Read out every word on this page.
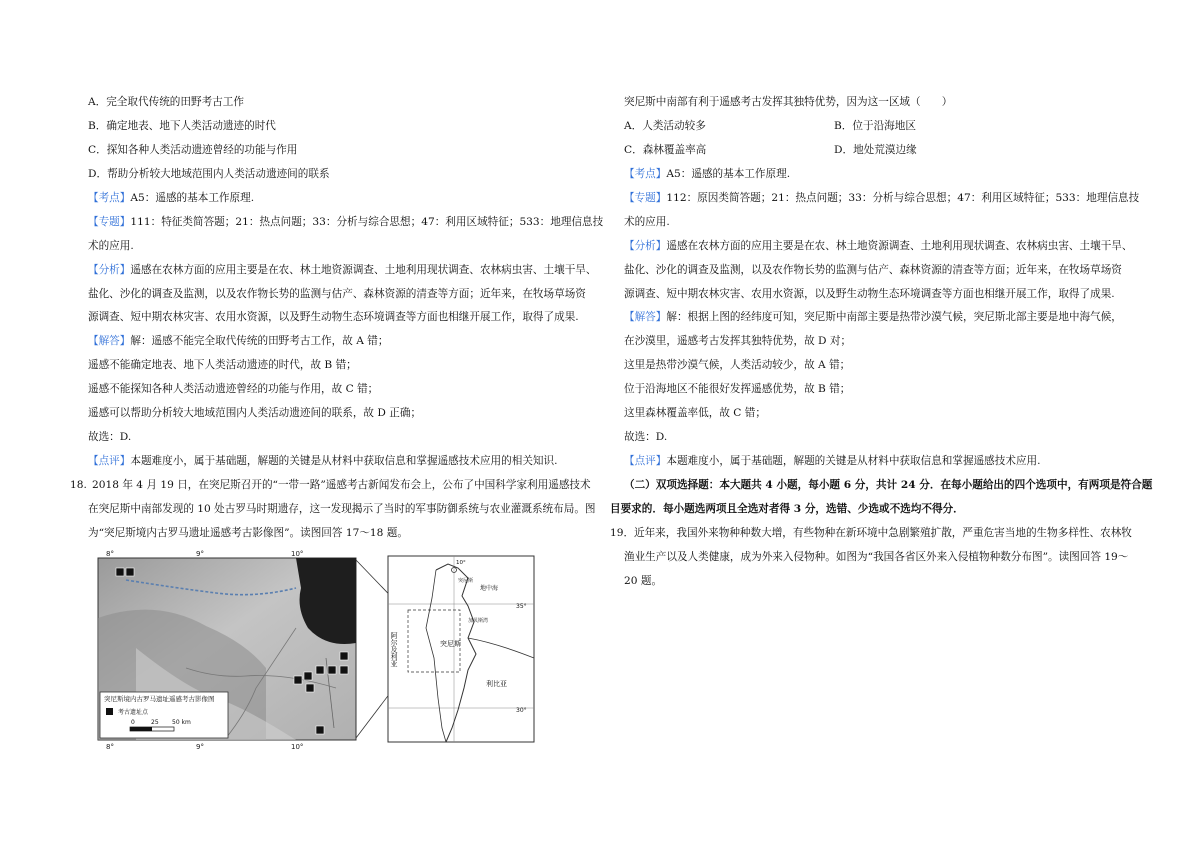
A．完全取代传统的田野考古工作
B．确定地表、地下人类活动遗迹的时代
C．探知各种人类活动遗迹曾经的功能与作用
D．帮助分析较大地域范围内人类活动遗迹间的联系
【考点】A5：遥感的基本工作原理.
【专题】111：特征类简答题；21：热点问题；33：分析与综合思想；47：利用区域特征；533：地理信息技
术的应用.
【分析】遥感在农林方面的应用主要是在农、林土地资源调查、土地利用现状调查、农林病虫害、土壤干旱、
盐化、沙化的调查及监测，以及农作物长势的监测与估产、森林资源的清查等方面；近年来，在牧场草场资
源调查、短中期农林灾害、农用水资源，以及野生动物生态环境调查等方面也相继开展工作，取得了成果.
【解答】解：遥感不能完全取代传统的田野考古工作，故 A 错；
遥感不能确定地表、地下人类活动遗迹的时代，故 B 错；
遥感不能探知各种人类活动遗迹曾经的功能与作用，故 C 错；
遥感可以帮助分析较大地域范围内人类活动遗迹间的联系，故 D 正确；
故选：D.
【点评】本题难度小，属于基础题，解题的关键是从材料中获取信息和掌握遥感技术应用的相关知识.
18. 2018 年 4 月 19 日，在突尼斯召开的“一带一路”遥感考古新闻发布会上，公布了中国科学家利用遥感技术
在突尼斯中南部发现的 10 处古罗马时期遗存，这一发现揭示了当时的军事防御系统与农业灌溉系统布局。图
为“突尼斯境内古罗马遗址遥感考古影像图”。读图回答 17～18 题。
8°	9°	10°
8°	9°	10°
突尼斯境内古罗马遗址遥感考古影像图
考古遗址点
0	25 50 km
10°
突尼斯
地中海
35°
加贝斯湾
突尼斯
利比亚
30°
阿尔及利亚
突尼斯中南部有利于遥感考古发挥其独特优势，因为这一区域（　　）
A．人类活动较多	B．位于沿海地区
C．森林覆盖率高	D．地处荒漠边缘
【考点】A5：遥感的基本工作原理.
【专题】112：原因类简答题；21：热点问题；33：分析与综合思想；47：利用区域特征；533：地理信息技
术的应用.
【分析】遥感在农林方面的应用主要是在农、林土地资源调查、土地利用现状调查、农林病虫害、土壤干旱、
盐化、沙化的调查及监测，以及农作物长势的监测与估产、森林资源的清查等方面；近年来，在牧场草场资
源调查、短中期农林灾害、农用水资源，以及野生动物生态环境调查等方面也相继开展工作，取得了成果.
【解答】解：根据上图的经纬度可知，突尼斯中南部主要是热带沙漠气候，突尼斯北部主要是地中海气候，
在沙漠里，遥感考古发挥其独特优势，故 D 对；
这里是热带沙漠气候，人类活动较少，故 A 错；
位于沿海地区不能很好发挥遥感优势，故 B 错；
这里森林覆盖率低，故 C 错；
故选：D.
【点评】本题难度小，属于基础题，解题的关键是从材料中获取信息和掌握遥感技术应用.
（二）双项选择题：本大题共 4 小题，每小题 6 分，共计 24 分．在每小题给出的四个选项中，有两项是符合题
目要求的．每小题选两项且全选对者得 3 分，选错、少选或不选均不得分．
19． 近年来，我国外来物种种数大增，有些物种在新环境中急剧繁殖扩散，严重危害当地的生物多样性、农林牧
渔业生产以及人类健康，成为外来入侵物种。如图为“我国各省区外来入侵植物种数分布图”。读图回答 19～
20 题。
